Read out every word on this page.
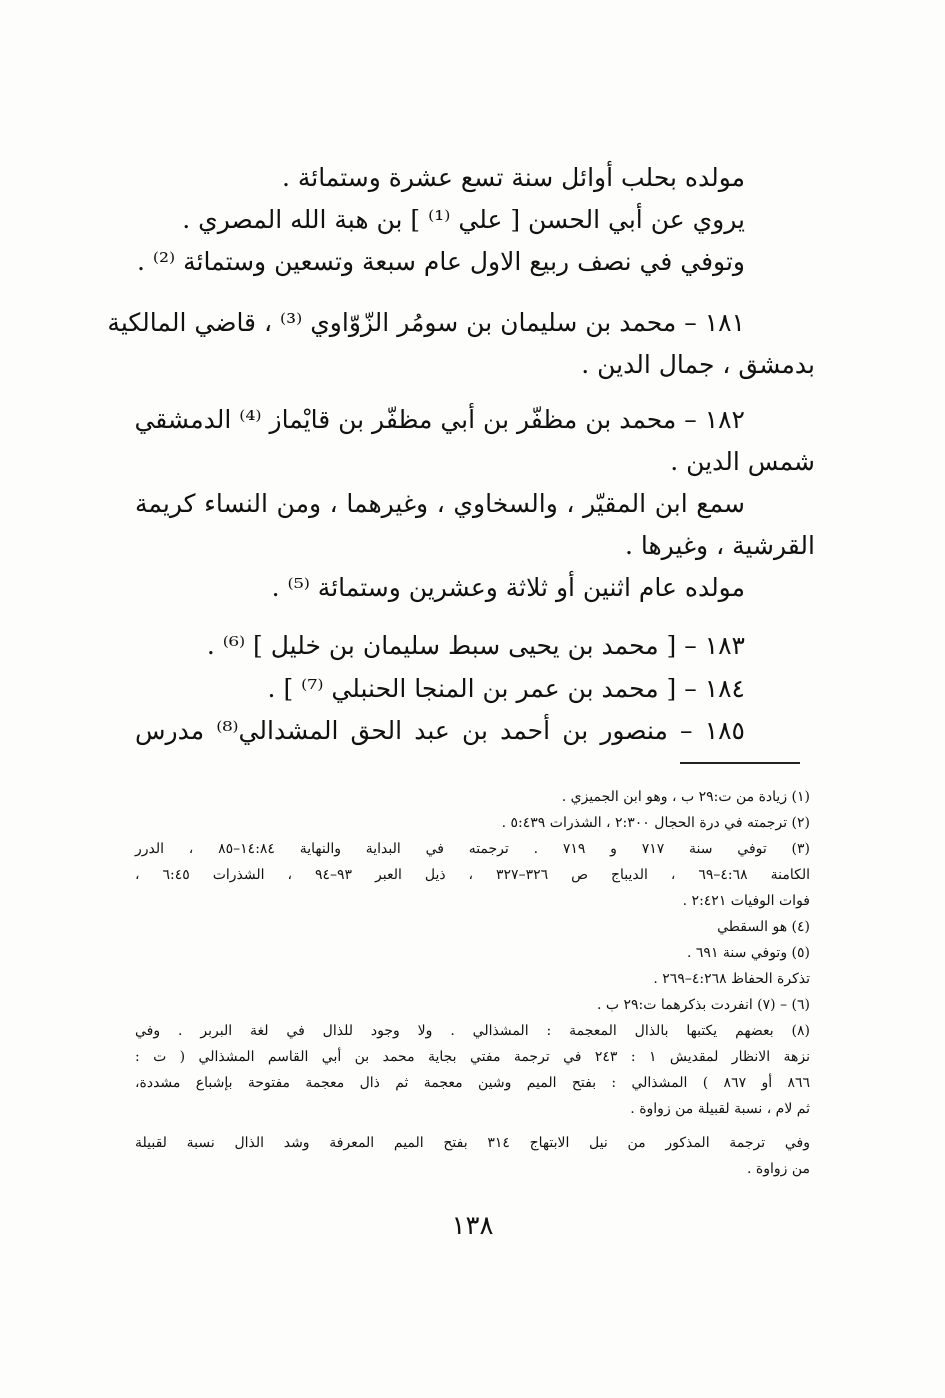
مولده بحلب أوائل سنة تسع عشرة وستمائة .
يروي عن أبي الحسن [ علي ⁽¹⁾ ] بن هبة الله المصري .
وتوفي في نصف ربيع الاول عام سبعة وتسعين وستمائة ⁽²⁾ .
١٨١ – محمد بن سليمان بن سومُر الزّوّاوي ⁽³⁾ ، قاضي المالكية
بدمشق ، جمال الدين .
١٨٢ – محمد بن مظفّر بن أبي مظفّر بن قايْماز ⁽⁴⁾ الدمشقي
شمس الدين .
سمع ابن المقيّر ، والسخاوي ، وغيرهما ، ومن النساء كريمة
القرشية ، وغيرها .
مولده عام اثنين أو ثلاثة وعشرين وستمائة ⁽⁵⁾ .
١٨٣ – [ محمد بن يحيى سبط سليمان بن خليل ] ⁽⁶⁾ .
١٨٤ – [ محمد بن عمر بن المنجا الحنبلي ⁽⁷⁾ ] .
١٨٥ – منصور بن أحمد بن عبد الحق المشدالي⁽⁸⁾ مدرس
(١) زيادة من ت:٢٩ ب ، وهو ابن الجميزي .
(٢) ترجمته في درة الحجال ٢:٣٠٠ ، الشذرات ٥:٤٣٩ .
(٣) توفي سنة ٧١٧ و ٧١٩ . ترجمته في البداية والنهاية ١٤:٨٤–٨٥ ، الدرر
الكامنة ٤:٦٨–٦٩ ، الديباج ص ٣٢٦–٣٢٧ ، ذيل العبر ٩٣–٩٤ ، الشذرات ٦:٤٥ ،
فوات الوفيات ٢:٤٢١ .
(٤) هو السقطي
(٥) وتوفي سنة ٦٩١ .
تذكرة الحفاظ ٤:٢٦٨–٢٦٩ .
(٦) – (٧) انفردت بذكرهما ت:٢٩ ب .
(٨) بعضهم يكتبها بالذال المعجمة : المشذالي . ولا وجود للذال في لغة البربر . وفي
نزهة الانظار لمقديش ١ : ٢٤٣ في ترجمة مفتي بجاية محمد بن أبي القاسم المشذالي ( ت :
٨٦٦ أو ٨٦٧ ) المشذالي : بفتح الميم وشين معجمة ثم ذال معجمة مفتوحة بإشباع مشددة،
ثم لام ، نسبة لقبيلة من زواوة .
وفي ترجمة المذكور من نيل الابتهاج ٣١٤ بفتح الميم المعرفة وشد الذال نسبة لقبيلة
من زواوة .
١٣٨
